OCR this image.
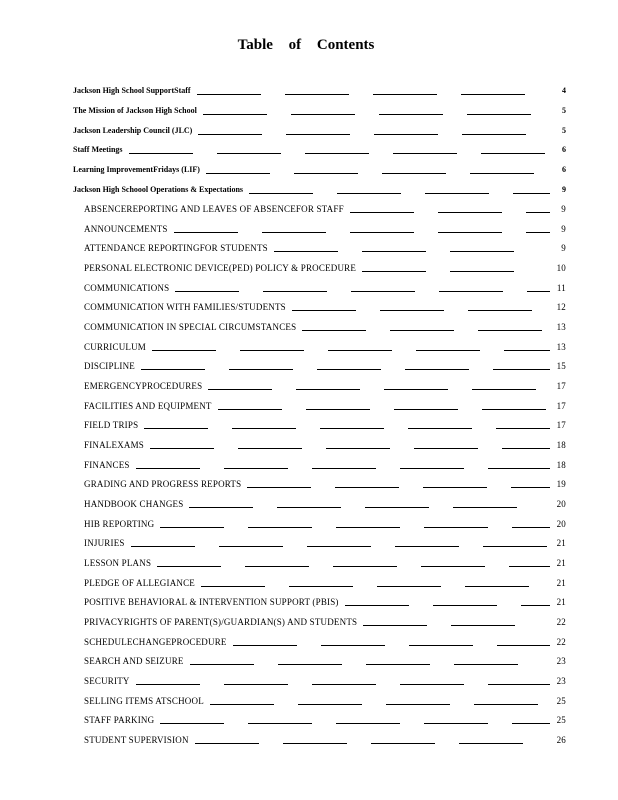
Table of Contents
Jackson High School SupportStaff	4
The Mission of Jackson High School	5
Jackson Leadership Council (JLC)	5
Staff Meetings	6
Learning ImprovementFridays (LIF)	6
Jackson High Schoool Operations & Expectations	9
ABSENCEREPORTING AND LEAVES OF ABSENCEFOR STAFF	9
ANNOUNCEMENTS	9
ATTENDANCE REPORTINGFOR STUDENTS	9
PERSONAL ELECTRONIC DEVICE(PED) POLICY & PROCEDURE	10
COMMUNICATIONS	11
COMMUNICATION WITH FAMILIES/STUDENTS	12
COMMUNICATION IN SPECIAL CIRCUMSTANCES	13
CURRICULUM	13
DISCIPLINE	15
EMERGENCYPROCEDURES	17
FACILITIES AND EQUIPMENT	17
FIELD TRIPS	17
FINALEXAMS	18
FINANCES	18
GRADING AND PROGRESS REPORTS	19
HANDBOOK CHANGES	20
HIB REPORTING	20
INJURIES	21
LESSON PLANS	21
PLEDGE OF ALLEGIANCE	21
POSITIVE BEHAVIORAL & INTERVENTION SUPPORT (PBIS)	21
PRIVACYRIGHTS OF PARENT(S)/GUARDIAN(S) AND STUDENTS	22
SCHEDULECHANGEPROCEDURE	22
SEARCH AND SEIZURE	23
SECURITY	23
SELLING ITEMS ATSCHOOL	25
STAFF PARKING	25
STUDENT SUPERVISION	26
